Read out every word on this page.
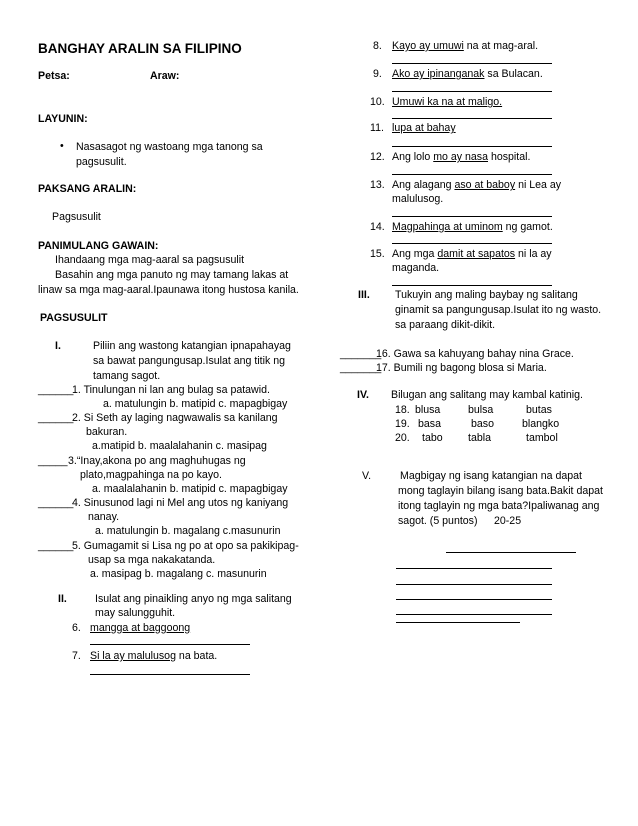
BANGHAY ARALIN SA FILIPINO
Petsa:	Araw:
LAYUNIN:
• Nasasagot ng wastoang mga tanong sa
pagsusulit.
PAKSANG ARALIN:
Pagsusulit
PANIMULANG GAWAIN:
Ihandaang mga mag-aaral sa pagsusulit
Basahin ang mga panuto ng may tamang lakas at
linaw sa mga mag-aaral.Ipaunawa itong hustosa kanila.
PAGSUSULIT
I.	Piliin ang wastong katangian ipnapahayag
sa bawat pangungusap.Isulat ang titik ng
tamang sagot.
______
1. Tinulungan ni lan ang bulag sa patawid.
a. matulungin b. matipid c. mapagbigay
______
2. Si Seth ay laging nagwawalis sa kanilang
bakuran.
a.matipid b. maalalahanin c. masipag
_____ 3.“Inay,akona po ang maghuhugas ng
plato,magpahinga na po kayo.
a. maalalahanin b. matipid c. mapagbigay
______
4. Sinusunod lagi ni Mel ang utos ng kaniyang
nanay.
a. matulungin b. magalang c.masunurin
______
5. Gumagamit si Lisa ng po at opo sa pakikipag-
usap sa mga nakakatanda.
a. masipag b. magalang c. masunurin
II.	Isulat ang pinaikling anyo ng mga salitang
may salungguhit.
6. mangga at baggoong
7. Si la ay malulusog na bata.
8. Kayo ay umuwi na at mag-aral.
9. Ako ay ipinanganak sa Bulacan.
10. Umuwi ka na at maligo.
11. lupa at bahay
12. Ang lolo mo ay nasa hospital.
13. Ang alagang aso at baboy ni Lea ay
malulusog.
14. Magpahinga at uminom ng gamot.
15. Ang mga damit at sapatos ni la ay
maganda.
III. Tukuyin ang maling baybay ng salitang
ginamit sa pangungusap.Isulat ito ng wasto.
sa paraang dikit-dikit.
_______
16. Gawa sa kahuyang bahay nina Grace.
_______
17. Bumili ng bagong blosa si Maria.
IV. Bilugan ang salitang may kambal katinig.
18. blusa	bulsa	butas
19. basa	baso	blangko
20. tabo tabla	tambol
V.	Magbigay ng isang katangian na dapat
mong taglayin bilang isang bata.Bakit dapat
itong taglayin ng mga bata?Ipaliwanag ang
sagot. (5 puntos) 20-25
